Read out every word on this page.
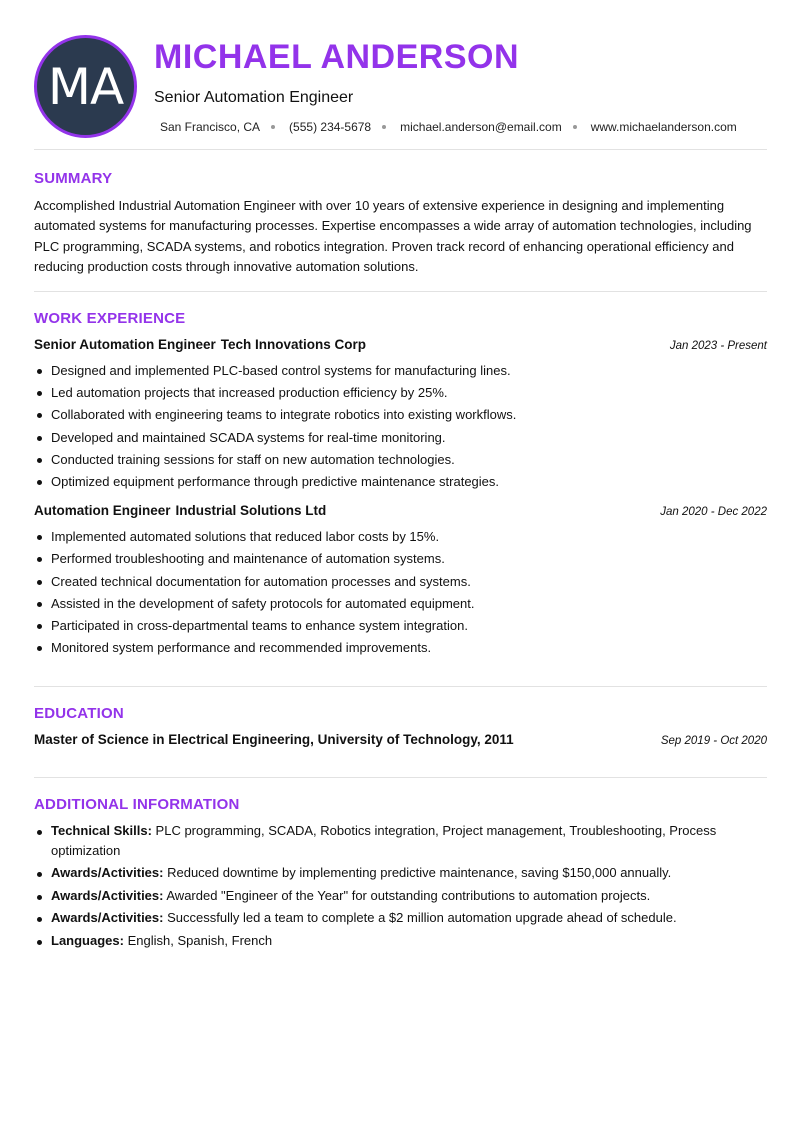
MA
MICHAEL ANDERSON
Senior Automation Engineer
San Francisco, CA (555) 234-5678 michael.anderson@email.com www.michaelanderson.com
SUMMARY

Accomplished Industrial Automation Engineer with over 10 years of extensive experience in designing and implementing automated systems for manufacturing processes. Expertise encompasses a wide array of automation technologies, including PLC programming, SCADA systems, and robotics integration. Proven track record of enhancing operational efficiency and reducing production costs through innovative automation solutions.

WORK EXPERIENCE
Senior Automation Engineer Tech Innovations Corp	Jan 2023 - Present
Designed and implemented PLC-based control systems for manufacturing lines.
Led automation projects that increased production efficiency by 25%.
Collaborated with engineering teams to integrate robotics into existing workflows.
Developed and maintained SCADA systems for real-time monitoring.
Conducted training sessions for staff on new automation technologies.
Optimized equipment performance through predictive maintenance strategies.
Automation Engineer Industrial Solutions Ltd	Jan 2020 - Dec 2022
Implemented automated solutions that reduced labor costs by 15%.
Performed troubleshooting and maintenance of automation systems.
Created technical documentation for automation processes and systems.
Assisted in the development of safety protocols for automated equipment.
Participated in cross-departmental teams to enhance system integration.
Monitored system performance and recommended improvements.
EDUCATION
Master of Science in Electrical Engineering, University of Technology, 2011	Sep 2019 - Oct 2020
ADDITIONAL INFORMATION
Technical Skills: PLC programming, SCADA, Robotics integration, Project management, Troubleshooting, Process optimization
Awards/Activities: Reduced downtime by implementing predictive maintenance, saving $150,000 annually.
Awards/Activities: Awarded "Engineer of the Year" for outstanding contributions to automation projects.
Awards/Activities: Successfully led a team to complete a $2 million automation upgrade ahead of schedule.
Languages: English, Spanish, French
